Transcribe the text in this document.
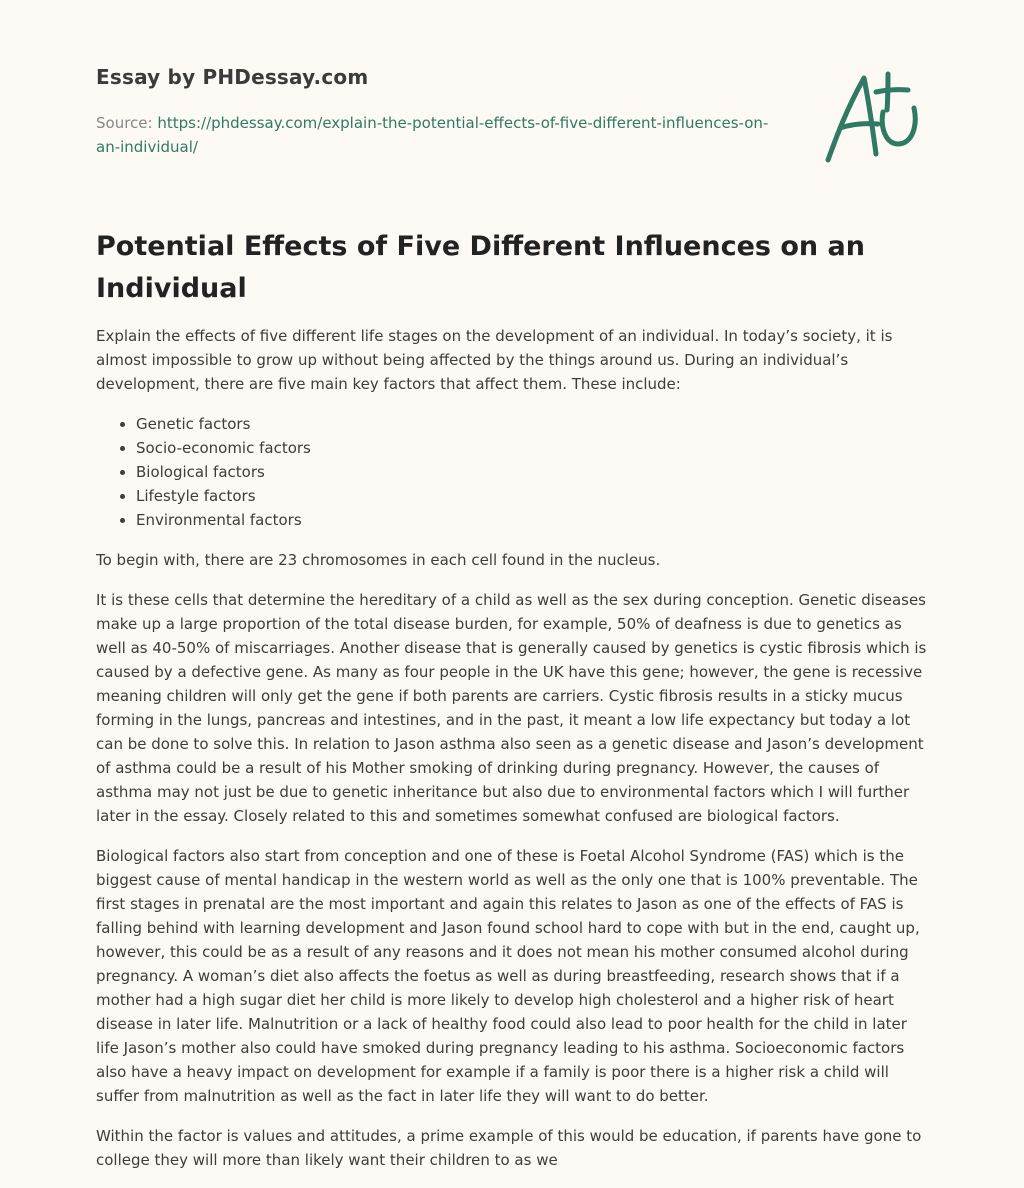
Essay by PHDessay.com
Source: https://phdessay.com/explain-the-potential-effects-of-five-different-influences-on-an-individual/
Potential Effects of Five Different Influences on an Individual

Explain the effects of five different life stages on the development of an individual. In today’s society, it is almost impossible to grow up without being affected by the things around us. During an individual’s development, there are five main key factors that affect them. These include:

• Genetic factors
• Socio-economic factors
• Biological factors
• Lifestyle factors
• Environmental factors

To begin with, there are 23 chromosomes in each cell found in the nucleus.

It is these cells that determine the hereditary of a child as well as the sex during conception. Genetic diseases make up a large proportion of the total disease burden, for example, 50% of deafness is due to genetics as well as 40-50% of miscarriages. Another disease that is generally caused by genetics is cystic fibrosis which is caused by a defective gene. As many as four people in the UK have this gene; however, the gene is recessive meaning children will only get the gene if both parents are carriers. Cystic fibrosis results in a sticky mucus forming in the lungs, pancreas and intestines, and in the past, it meant a low life expectancy but today a lot can be done to solve this. In relation to Jason asthma also seen as a genetic disease and Jason’s development of asthma could be a result of his Mother smoking of drinking during pregnancy. However, the causes of asthma may not just be due to genetic inheritance but also due to environmental factors which I will further later in the essay. Closely related to this and sometimes somewhat confused are biological factors.

Biological factors also start from conception and one of these is Foetal Alcohol Syndrome (FAS) which is the biggest cause of mental handicap in the western world as well as the only one that is 100% preventable. The first stages in prenatal are the most important and again this relates to Jason as one of the effects of FAS is falling behind with learning development and Jason found school hard to cope with but in the end, caught up, however, this could be as a result of any reasons and it does not mean his mother consumed alcohol during pregnancy. A woman’s diet also affects the foetus as well as during breastfeeding, research shows that if a mother had a high sugar diet her child is more likely to develop high cholesterol and a higher risk of heart disease in later life. Malnutrition or a lack of healthy food could also lead to poor health for the child in later life Jason’s mother also could have smoked during pregnancy leading to his asthma. Socioeconomic factors also have a heavy impact on development for example if a family is poor there is a higher risk a child will suffer from malnutrition as well as the fact in later life they will want to do better.

Within the factor is values and attitudes, a prime example of this would be education, if parents have gone to college they will more than likely want their children to as we
